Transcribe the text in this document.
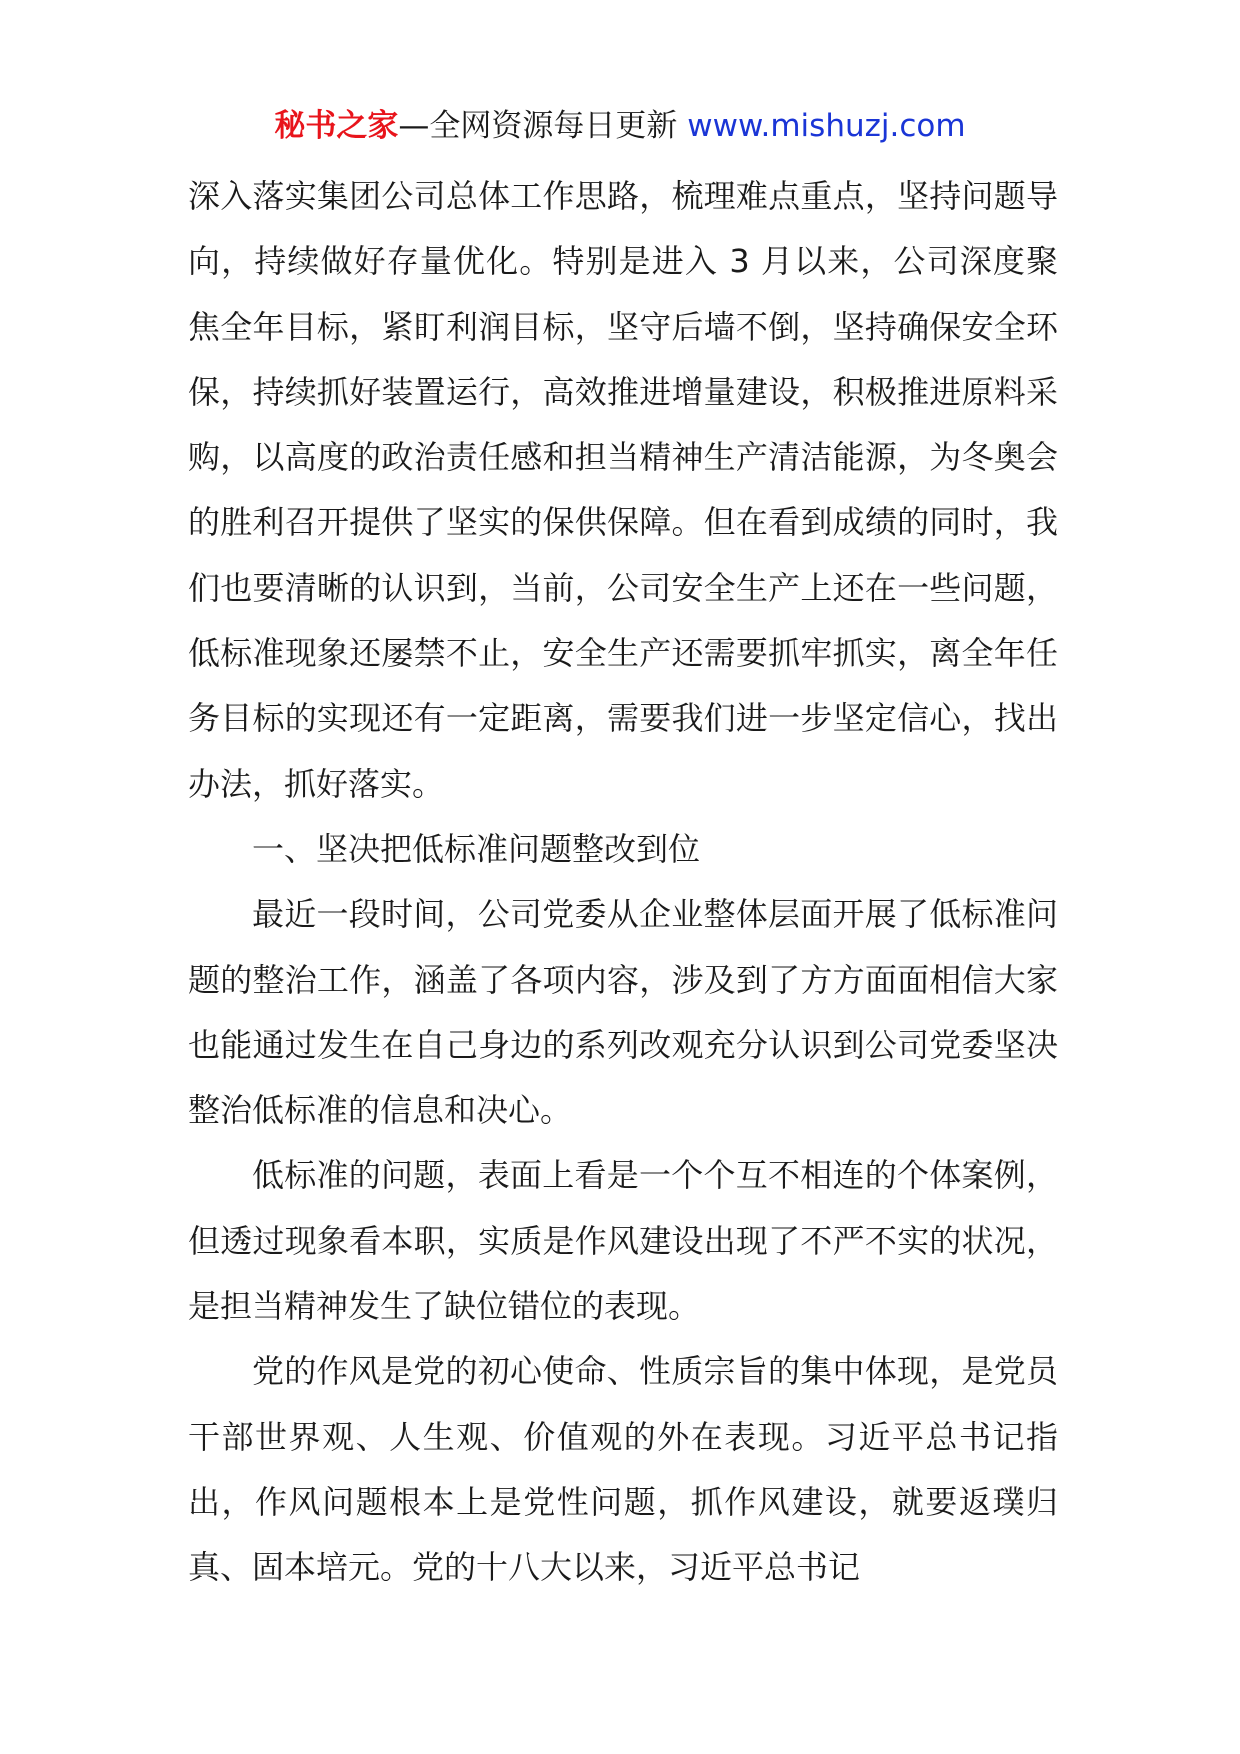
秘书之家—全网资源每日更新 www.mishuzj.com

深入落实集团公司总体工作思路，梳理难点重点，坚持问题导向，持续做好存量优化。特别是进入 3 月以来，公司深度聚焦全年目标，紧盯利润目标，坚守后墙不倒，坚持确保安全环保，持续抓好装置运行，高效推进增量建设，积极推进原料采购，以高度的政治责任感和担当精神生产清洁能源，为冬奥会的胜利召开提供了坚实的保供保障。但在看到成绩的同时，我们也要清晰的认识到，当前，公司安全生产上还在一些问题，低标准现象还屡禁不止，安全生产还需要抓牢抓实，离全年任务目标的实现还有一定距离，需要我们进一步坚定信心，找出办法，抓好落实。

一、坚决把低标准问题整改到位

最近一段时间，公司党委从企业整体层面开展了低标准问题的整治工作，涵盖了各项内容，涉及到了方方面面相信大家也能通过发生在自己身边的系列改观充分认识到公司党委坚决整治低标准的信息和决心。

低标准的问题，表面上看是一个个互不相连的个体案例，但透过现象看本职，实质是作风建设出现了不严不实的状况，是担当精神发生了缺位错位的表现。

党的作风是党的初心使命、性质宗旨的集中体现，是党员干部世界观、人生观、价值观的外在表现。习近平总书记指出，作风问题根本上是党性问题，抓作风建设，就要返璞归真、固本培元。党的十八大以来，习近平总书记
